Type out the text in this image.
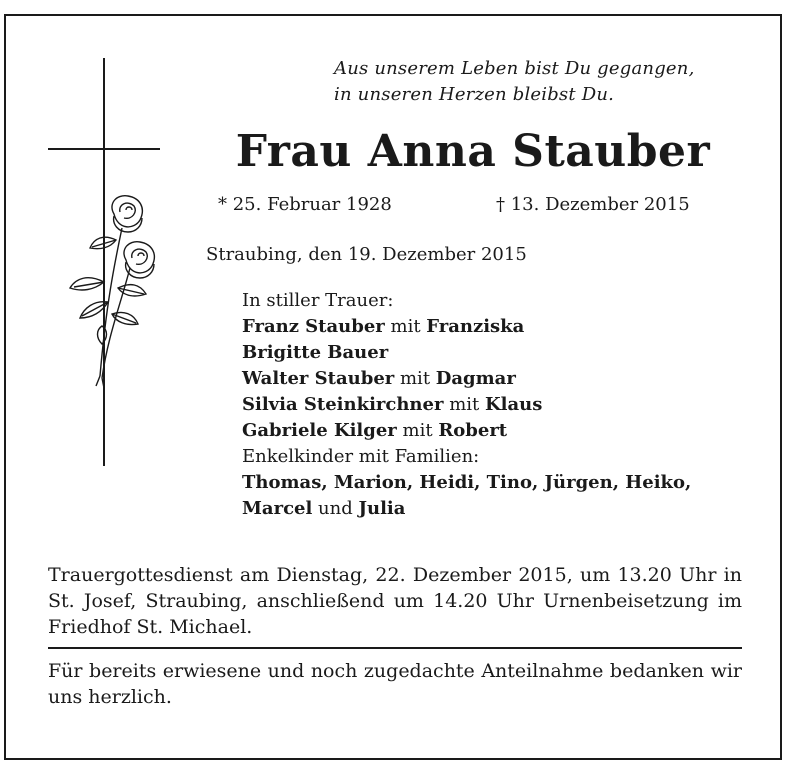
Aus unserem Leben bist Du gegangen,
in unseren Herzen bleibst Du.
Frau Anna Stauber
* 25. Februar 1928	† 13. Dezember 2015
Straubing, den 19. Dezember 2015
In stiller Trauer:
Franz Stauber mit Franziska
Brigitte Bauer
Walter Stauber mit Dagmar
Silvia Steinkirchner mit Klaus
Gabriele Kilger mit Robert
Enkelkinder mit Familien:
Thomas, Marion, Heidi, Tino, Jürgen, Heiko,
Marcel und Julia
Trauergottesdienst am Dienstag, 22. Dezember 2015, um 13.20 Uhr in St. Josef, Straubing, anschließend um 14.20 Uhr Urnenbeisetzung im Friedhof St. Michael.
Für bereits erwiesene und noch zugedachte Anteilnahme bedanken wir uns herzlich.
